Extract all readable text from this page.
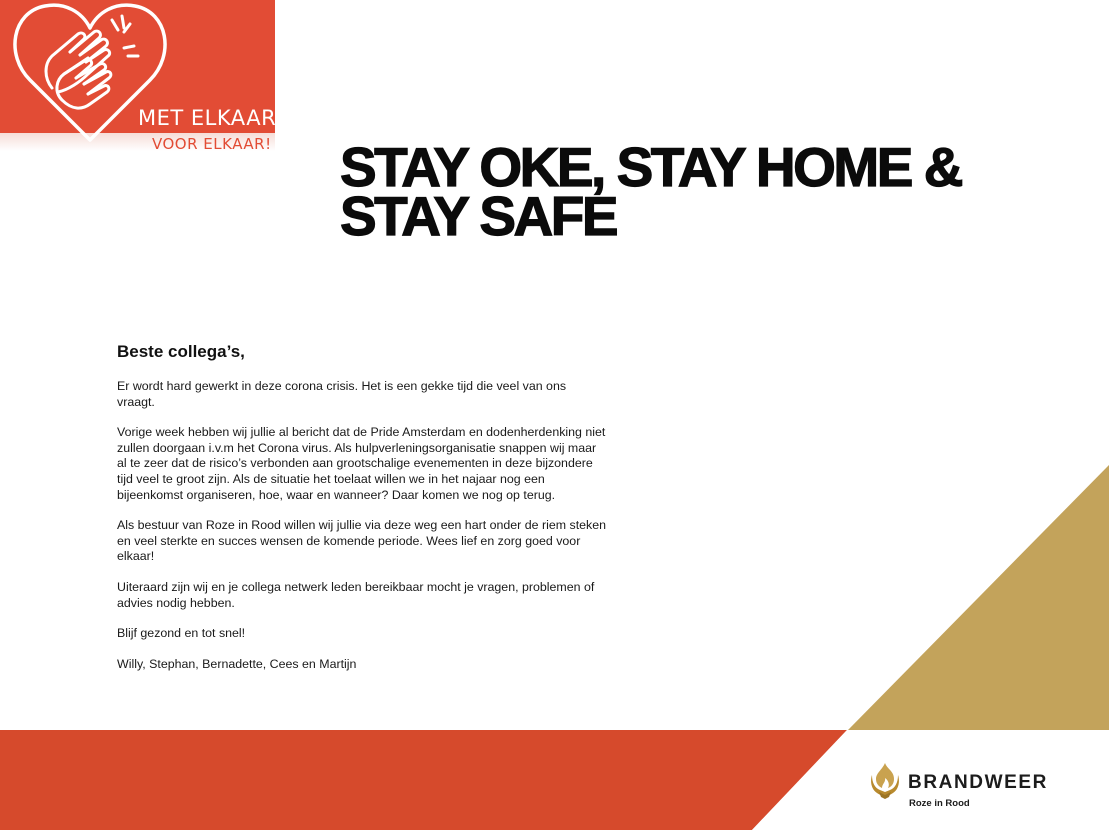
MET ELKAAR
VOOR ELKAAR! STAY OKE, STAY HOME &
STAY SAFE

Beste collega’s,

Er wordt hard gewerkt in deze corona crisis. Het is een gekke tijd die veel van ons vraagt.

Vorige week hebben wij jullie al bericht dat de Pride Amsterdam en dodenherdenking niet zullen doorgaan i.v.m het Corona virus. Als hulpverleningsorganisatie snappen wij maar al te zeer dat de risico’s verbonden aan grootschalige evenementen in deze bijzondere tijd veel te groot zijn. Als de situatie het toelaat willen we in het najaar nog een bijeenkomst organiseren, hoe, waar en wanneer? Daar komen we nog op terug.

Als bestuur van Roze in Rood willen wij jullie via deze weg een hart onder de riem steken en veel sterkte en succes wensen de komende periode. Wees lief en zorg goed voor elkaar!

Uiteraard zijn wij en je collega netwerk leden bereikbaar mocht je vragen, problemen of advies nodig hebben.

Blijf gezond en tot snel!

Willy, Stephan, Bernadette, Cees en Martijn

BRANDWEER
Roze in Rood
